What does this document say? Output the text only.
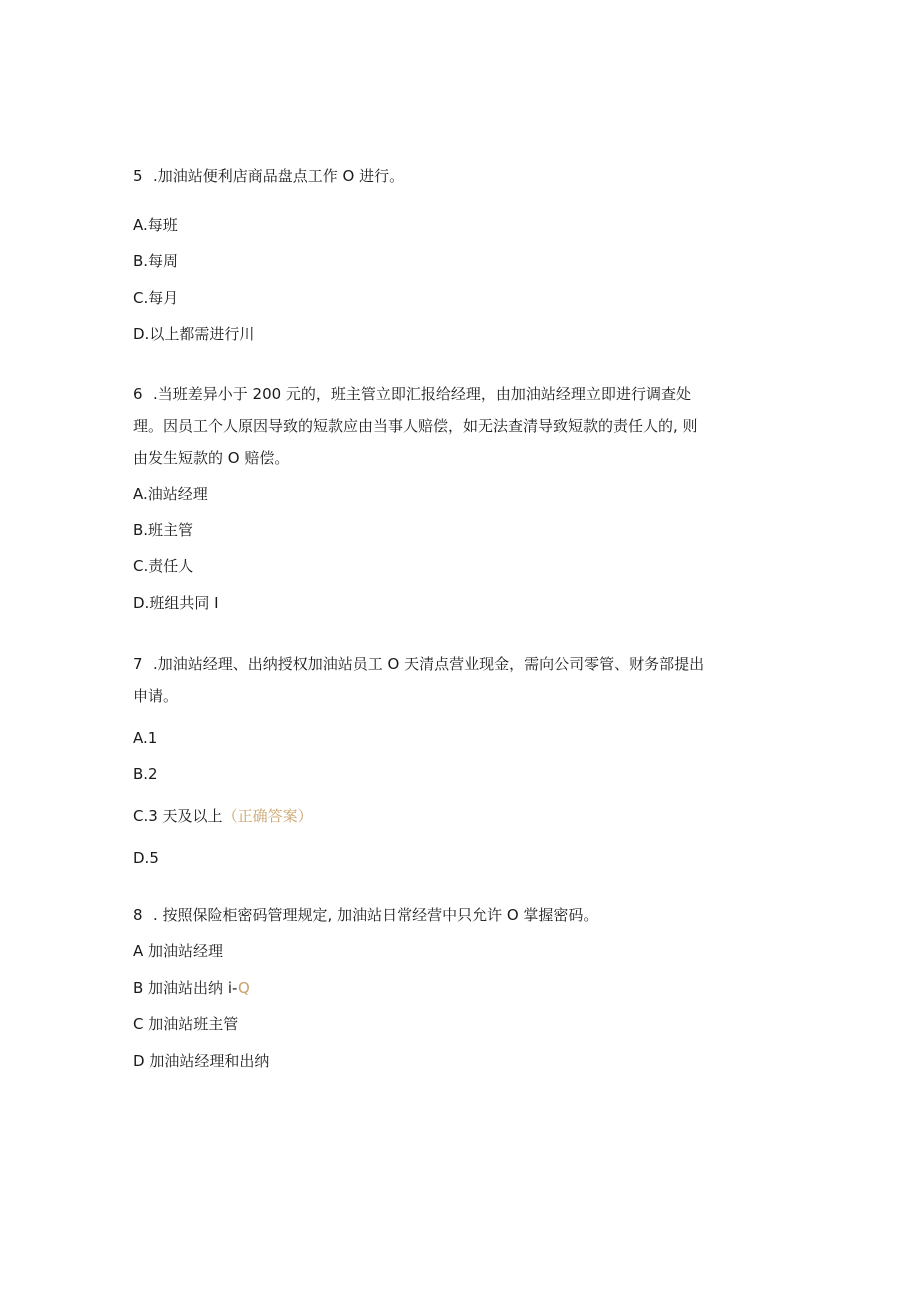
5 .加油站便利店商品盘点工作 O 进行。
A.每班
B.每周
C.每月
D.以上都需进行川
6 .当班差异小于 200 元的，班主管立即汇报给经理，由加油站经理立即进行调查处
理。因员工个人原因导致的短款应由当事人赔偿，如无法查清导致短款的责任人的, 则
由发生短款的 O 赔偿。
A.油站经理
B.班主管
C.责任人
D.班组共同 I
7 .加油站经理、出纳授权加油站员工 O 天清点营业现金，需向公司零管、财务部提出
申请。
A.1
B.2
C.3 天及以上（正确答案）
D.5
8 . 按照保险柜密码管理规定, 加油站日常经营中只允许 O 掌握密码。
A 加油站经理
B 加油站出纳 i-Q
C 加油站班主管
D 加油站经理和出纳
